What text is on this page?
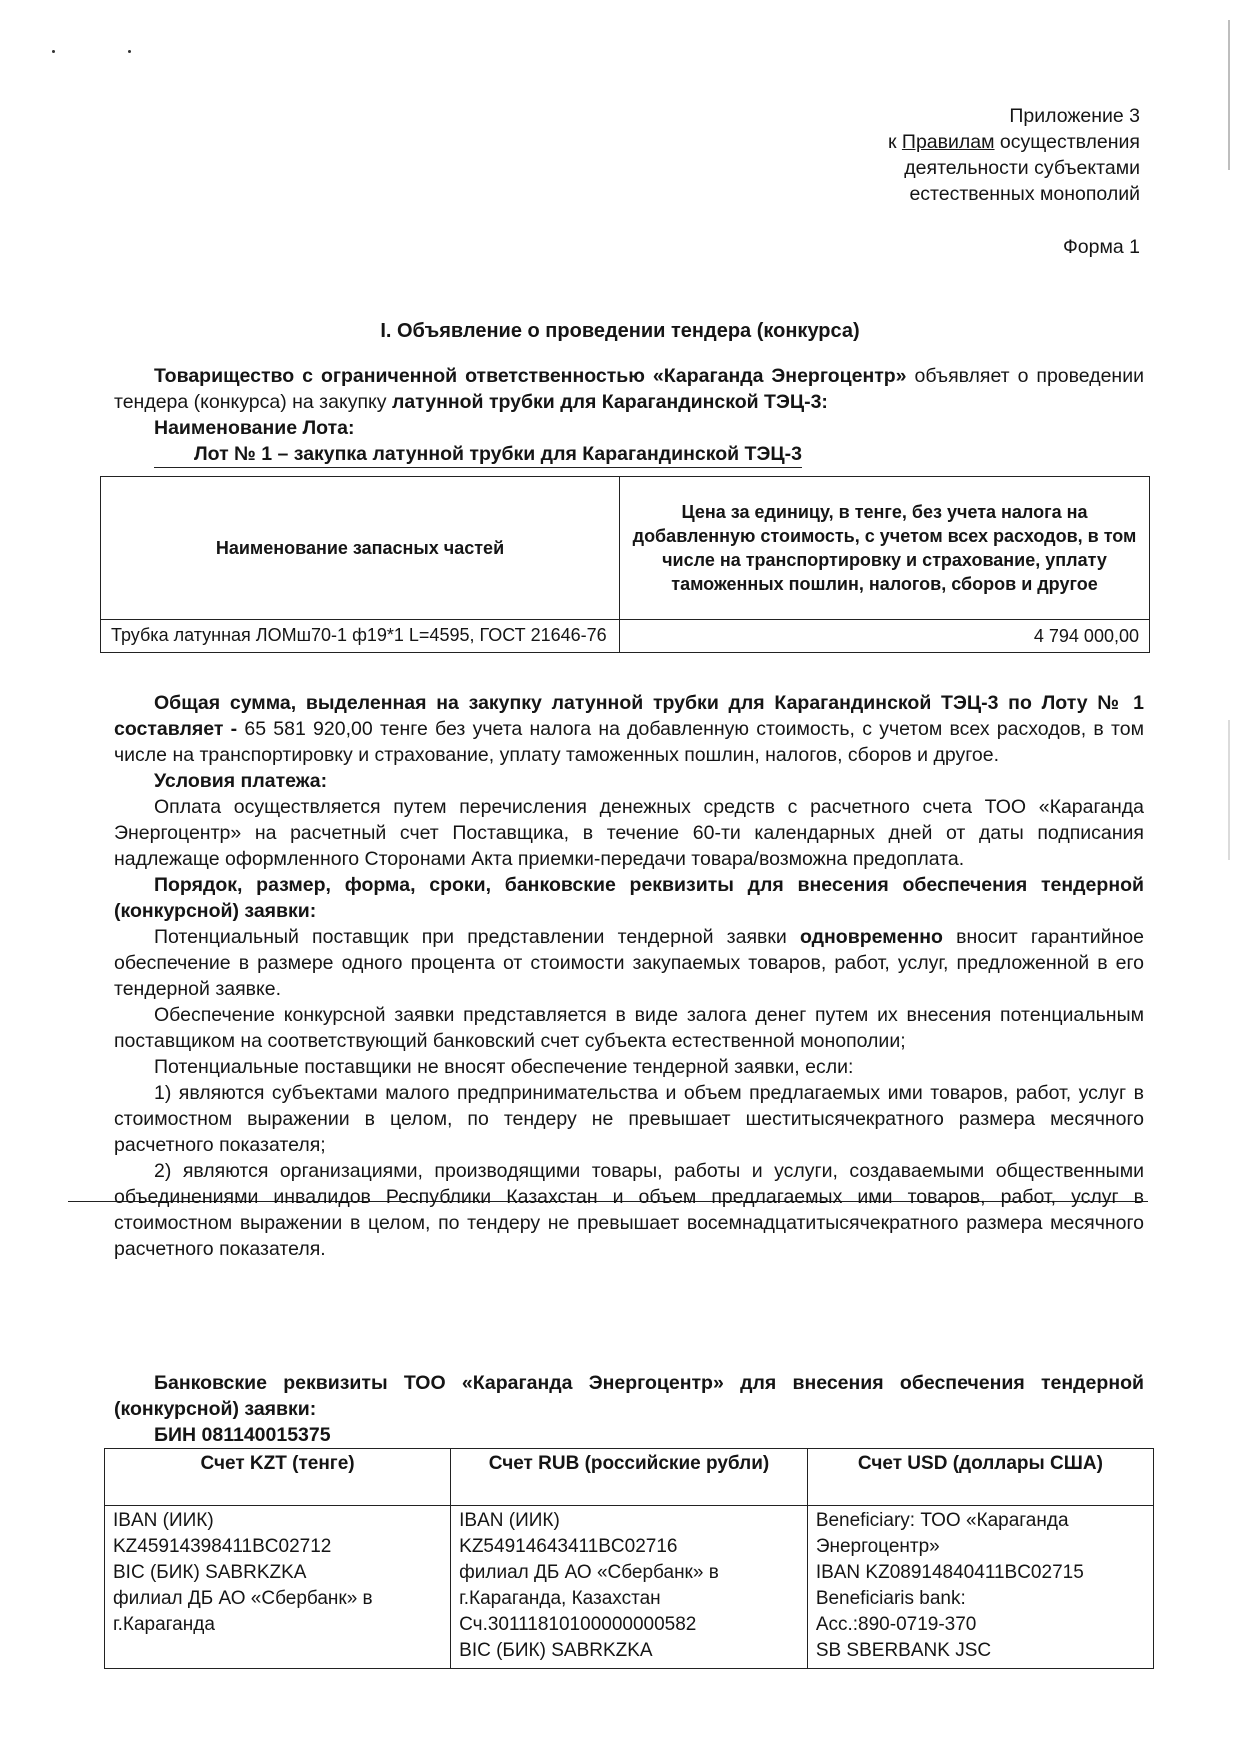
Приложение 3
к Правилам осуществления
деятельности субъектами
естественных монополий
Форма 1
I. Объявление о проведении тендера (конкурса)

Товарищество с ограниченной ответственностью «Караганда Энергоцентр» объявляет о проведении тендера (конкурса) на закупку латунной трубки для Карагандинской ТЭЦ-3:

Наименование Лота:

Лот № 1 – закупка латунной трубки для Карагандинской ТЭЦ-3

Наименование запасных частей	Цена за единицу, в тенге, без учета налога на добавленную стоимость, с учетом всех расходов, в том числе на транспортировку и страхование, уплату таможенных пошлин, налогов, сборов и другое
Трубка латунная ЛОМш70-1 ф19*1 L=4595, ГОСТ 21646-76	4 794 000,00

Общая сумма, выделенная на закупку латунной трубки для Карагандинской ТЭЦ-3 по Лоту № 1 составляет - 65 581 920,00 тенге без учета налога на добавленную стоимость, с учетом всех расходов, в том числе на транспортировку и страхование, уплату таможенных пошлин, налогов, сборов и другое.

Условия платежа:

Оплата осуществляется путем перечисления денежных средств с расчетного счета ТОО «Караганда Энергоцентр» на расчетный счет Поставщика, в течение 60-ти календарных дней от даты подписания надлежаще оформленного Сторонами Акта приемки-передачи товара/возможна предоплата.

Порядок, размер, форма, сроки, банковские реквизиты для внесения обеспечения тендерной (конкурсной) заявки:

Потенциальный поставщик при представлении тендерной заявки одновременно вносит гарантийное обеспечение в размере одного процента от стоимости закупаемых товаров, работ, услуг, предложенной в его тендерной заявке.

Обеспечение конкурсной заявки представляется в виде залога денег путем их внесения потенциальным поставщиком на соответствующий банковский счет субъекта естественной монополии;

Потенциальные поставщики не вносят обеспечение тендерной заявки, если:

1) являются субъектами малого предпринимательства и объем предлагаемых ими товаров, работ, услуг в стоимостном выражении в целом, по тендеру не превышает шеститысячекратного размера месячного расчетного показателя;

2) являются организациями, производящими товары, работы и услуги, создаваемыми общественными объединениями инвалидов Республики Казахстан и объем предлагаемых ими товаров, работ, услуг в стоимостном выражении в целом, по тендеру не превышает восемнадцатитысячекратного размера месячного расчетного показателя.

Банковские реквизиты ТОО «Караганда Энергоцентр» для внесения обеспечения тендерной (конкурсной) заявки:

БИН 081140015375

Счет KZT (тенге)	Счет RUB (российские рубли)	Счет USD (доллары США)

IBAN (ИИК)
KZ45914398411BC02712
BIC (БИК) SABRKZKA
филиал ДБ АО «Сбербанк» в г.Караганда	IBAN (ИИК)
KZ54914643411BC02716
филиал ДБ АО «Сбербанк» в г.Караганда, Казахстан
Сч.30111810100000000582
BIC (БИК) SABRKZKA	Beneficiary: ТОО «Караганда Энергоцентр»
IBAN KZ08914840411BC02715
Beneficiaris bank:
Acc.:890-0719-370
SB SBERBANK JSC
